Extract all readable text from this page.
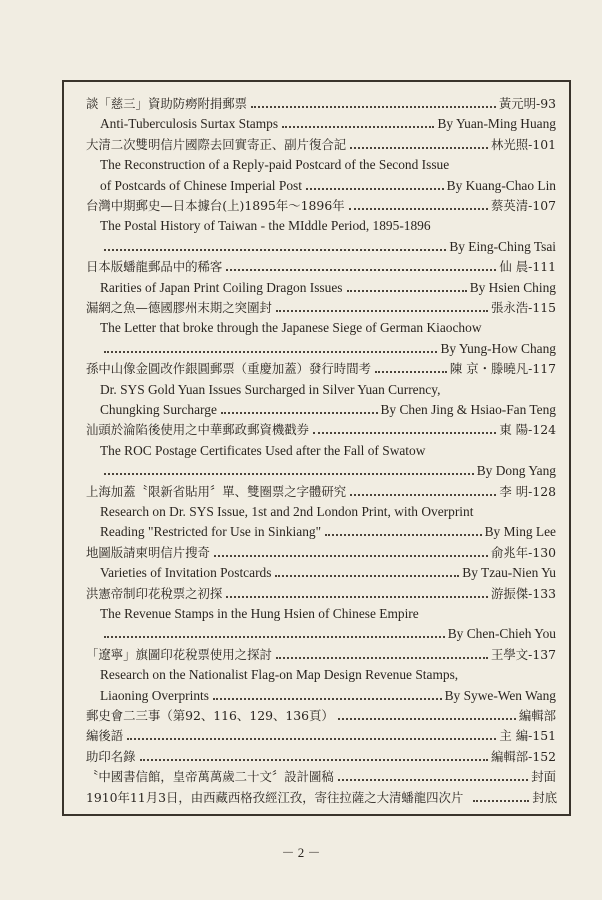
談「慈三」資助防癆附捐郵票	黃元明 - 93
Anti-Tuberculosis Surtax Stamps	By Yuan-Ming Huang
大清二次雙明信片國際去回實寄正、副片復合記	林光照 - 101
The Reconstruction of a Reply-paid Postcard of the Second Issue
of Postcards of Chinese Imperial Post	By Kuang-Chao Lin
台灣中期郵史—日本據台(上)1895年～1896年	蔡英清 - 107
The Postal History of Taiwan - the MIddle Period, 1895-1896
By Eing-Ching Tsai
日本版蟠龍郵品中的稀客	仙 晨 - 111
Rarities of Japan Print Coiling Dragon Issues	By Hsien Ching
漏網之魚—德國膠州末期之突圍封	張永浩 - 115
The Letter that broke through the Japanese Siege of German Kiaochow
By Yung-How Chang
孫中山像金圓改作銀圓郵票（重慶加蓋）發行時間考	陳 京・滕曉凡 - 117
Dr. SYS Gold Yuan Issues Surcharged in Silver Yuan Currency,
Chungking Surcharge	By Chen Jing & Hsiao-Fan Teng
汕頭於淪陷後使用之中華郵政郵資機戳券	東 陽 - 124
The ROC Postage Certificates Used after the Fall of Swatow
By Dong Yang
上海加蓋〝限新省貼用〞單、雙圈票之字體研究	李 明 - 128
Research on Dr. SYS Issue, 1st and 2nd London Print, with Overprint
Reading "Restricted for Use in Sinkiang"	By Ming Lee
地圖版請柬明信片搜奇	俞兆年 - 130
Varieties of Invitation Postcards	By Tzau-Nien Yu
洪憲帝制印花稅票之初探	游振傑 - 133
The Revenue Stamps in the Hung Hsien of Chinese Empire
By Chen-Chieh You
「遼寧」旗圖印花稅票使用之探討	王學文 - 137
Research on the Nationalist Flag-on Map Design Revenue Stamps,
Liaoning Overprints	By Sywe-Wen Wang
郵史會二三事（第92、116、129、136頁）	編輯部
編後語	主 編 - 151
助印名錄	編輯部 - 152
〝中國書信館，皇帝萬萬歲二十文〞設計圖稿	封面
1910年11月3日，由西藏西格孜經江孜，寄往拉薩之大清蟠龍四次片	封底
－ 2 －
